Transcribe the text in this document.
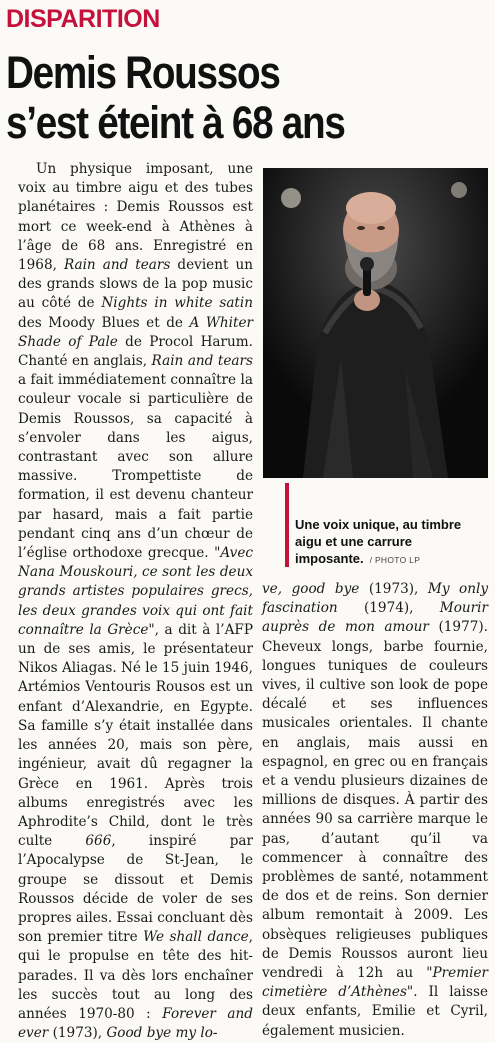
DISPARITION
Demis Roussos
s’est éteint à 68 ans

Un physique imposant, une voix au timbre aigu et des tubes planétaires : Demis Roussos est mort ce week-end à Athènes à l’âge de 68 ans. Enregistré en 1968, Rain and tears devient un des grands slows de la pop music au côté de Nights in white satin des Moody Blues et de A Whiter Shade of Pale de Procol Harum. Chanté en anglais, Rain and tears a fait immédiatement connaître la couleur vocale si particulière de Demis Roussos, sa capacité à s’envoler dans les aigus, contrastant avec son allure massive. Trompettiste de formation, il est devenu chanteur par hasard, mais a fait partie pendant cinq ans d’un chœur de l’église orthodoxe grecque. "Avec Nana Mouskouri, ce sont les deux grands artistes populaires grecs, les deux grandes voix qui ont fait connaître la Grèce", a dit à l’AFP un de ses amis, le présentateur Nikos Aliagas. Né le 15 juin 1946, Artémios Ventouris Rousos est un enfant d’Alexandrie, en Egypte. Sa famille s’y était installée dans les années 20, mais son père, ingénieur, avait dû regagner la Grèce en 1961. Après trois albums enregistrés avec les Aphrodite’s Child, dont le très culte 666, inspiré par l’Apocalypse de St-Jean, le groupe se dissout et Demis Roussos décide de voler de ses propres ailes. Essai concluant dès son premier titre We shall dance, qui le propulse en tête des hit-parades. Il va dès lors enchaîner les succès tout au long des années 1970-80 : Forever and ever (1973), Good bye my lo-

Une voix unique, au timbre aigu et une carrure imposante. / PHOTO LP

ve, good bye (1973), My only fascination (1974), Mourir auprès de mon amour (1977). Cheveux longs, barbe fournie, longues tuniques de couleurs vives, il cultive son look de pope décalé et ses influences musicales orientales. Il chante en anglais, mais aussi en espagnol, en grec ou en français et a vendu plusieurs dizaines de millions de disques. À partir des années 90 sa carrière marque le pas, d’autant qu’il va commencer à connaître des problèmes de santé, notamment de dos et de reins. Son dernier album remontait à 2009. Les obsèques religieuses publiques de Demis Roussos auront lieu vendredi à 12h au "Premier cimetière d’Athènes". Il laisse deux enfants, Emilie et Cyril, également musicien.
